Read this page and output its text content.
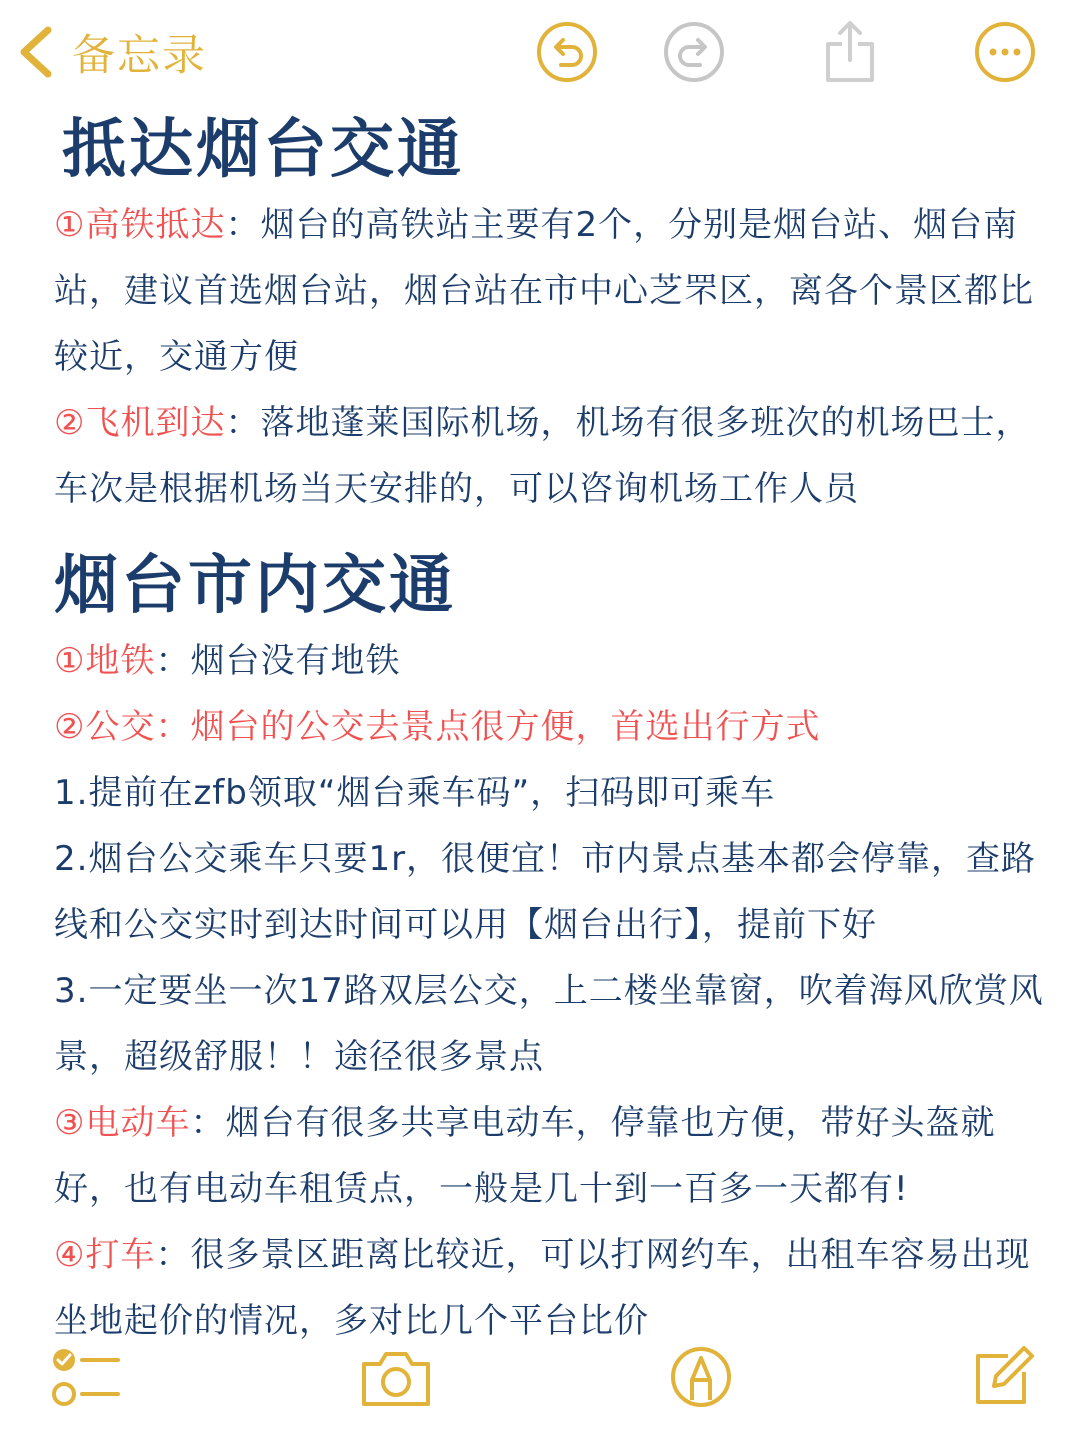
备忘录
抵达烟台交通
①高铁抵达：烟台的高铁站主要有2个，分别是烟台站、烟台南站，建议首选烟台站，烟台站在市中心芝罘区，离各个景区都比较近，交通方便
②飞机到达：落地蓬莱国际机场，机场有很多班次的机场巴士，车次是根据机场当天安排的，可以咨询机场工作人员
烟台市内交通
①地铁：烟台没有地铁
②公交：烟台的公交去景点很方便，首选出行方式
1.提前在zfb领取“烟台乘车码”，扫码即可乘车
2.烟台公交乘车只要1r，很便宜！市内景点基本都会停靠，查路线和公交实时到达时间可以用【烟台出行】，提前下好
3.一定要坐一次17路双层公交，上二楼坐靠窗，吹着海风欣赏风景，超级舒服！！途径很多景点
③电动车：烟台有很多共享电动车，停靠也方便，带好头盔就好，也有电动车租赁点，一般是几十到一百多一天都有!
④打车：很多景区距离比较近，可以打网约车，出租车容易出现坐地起价的情况，多对比几个平台比价
